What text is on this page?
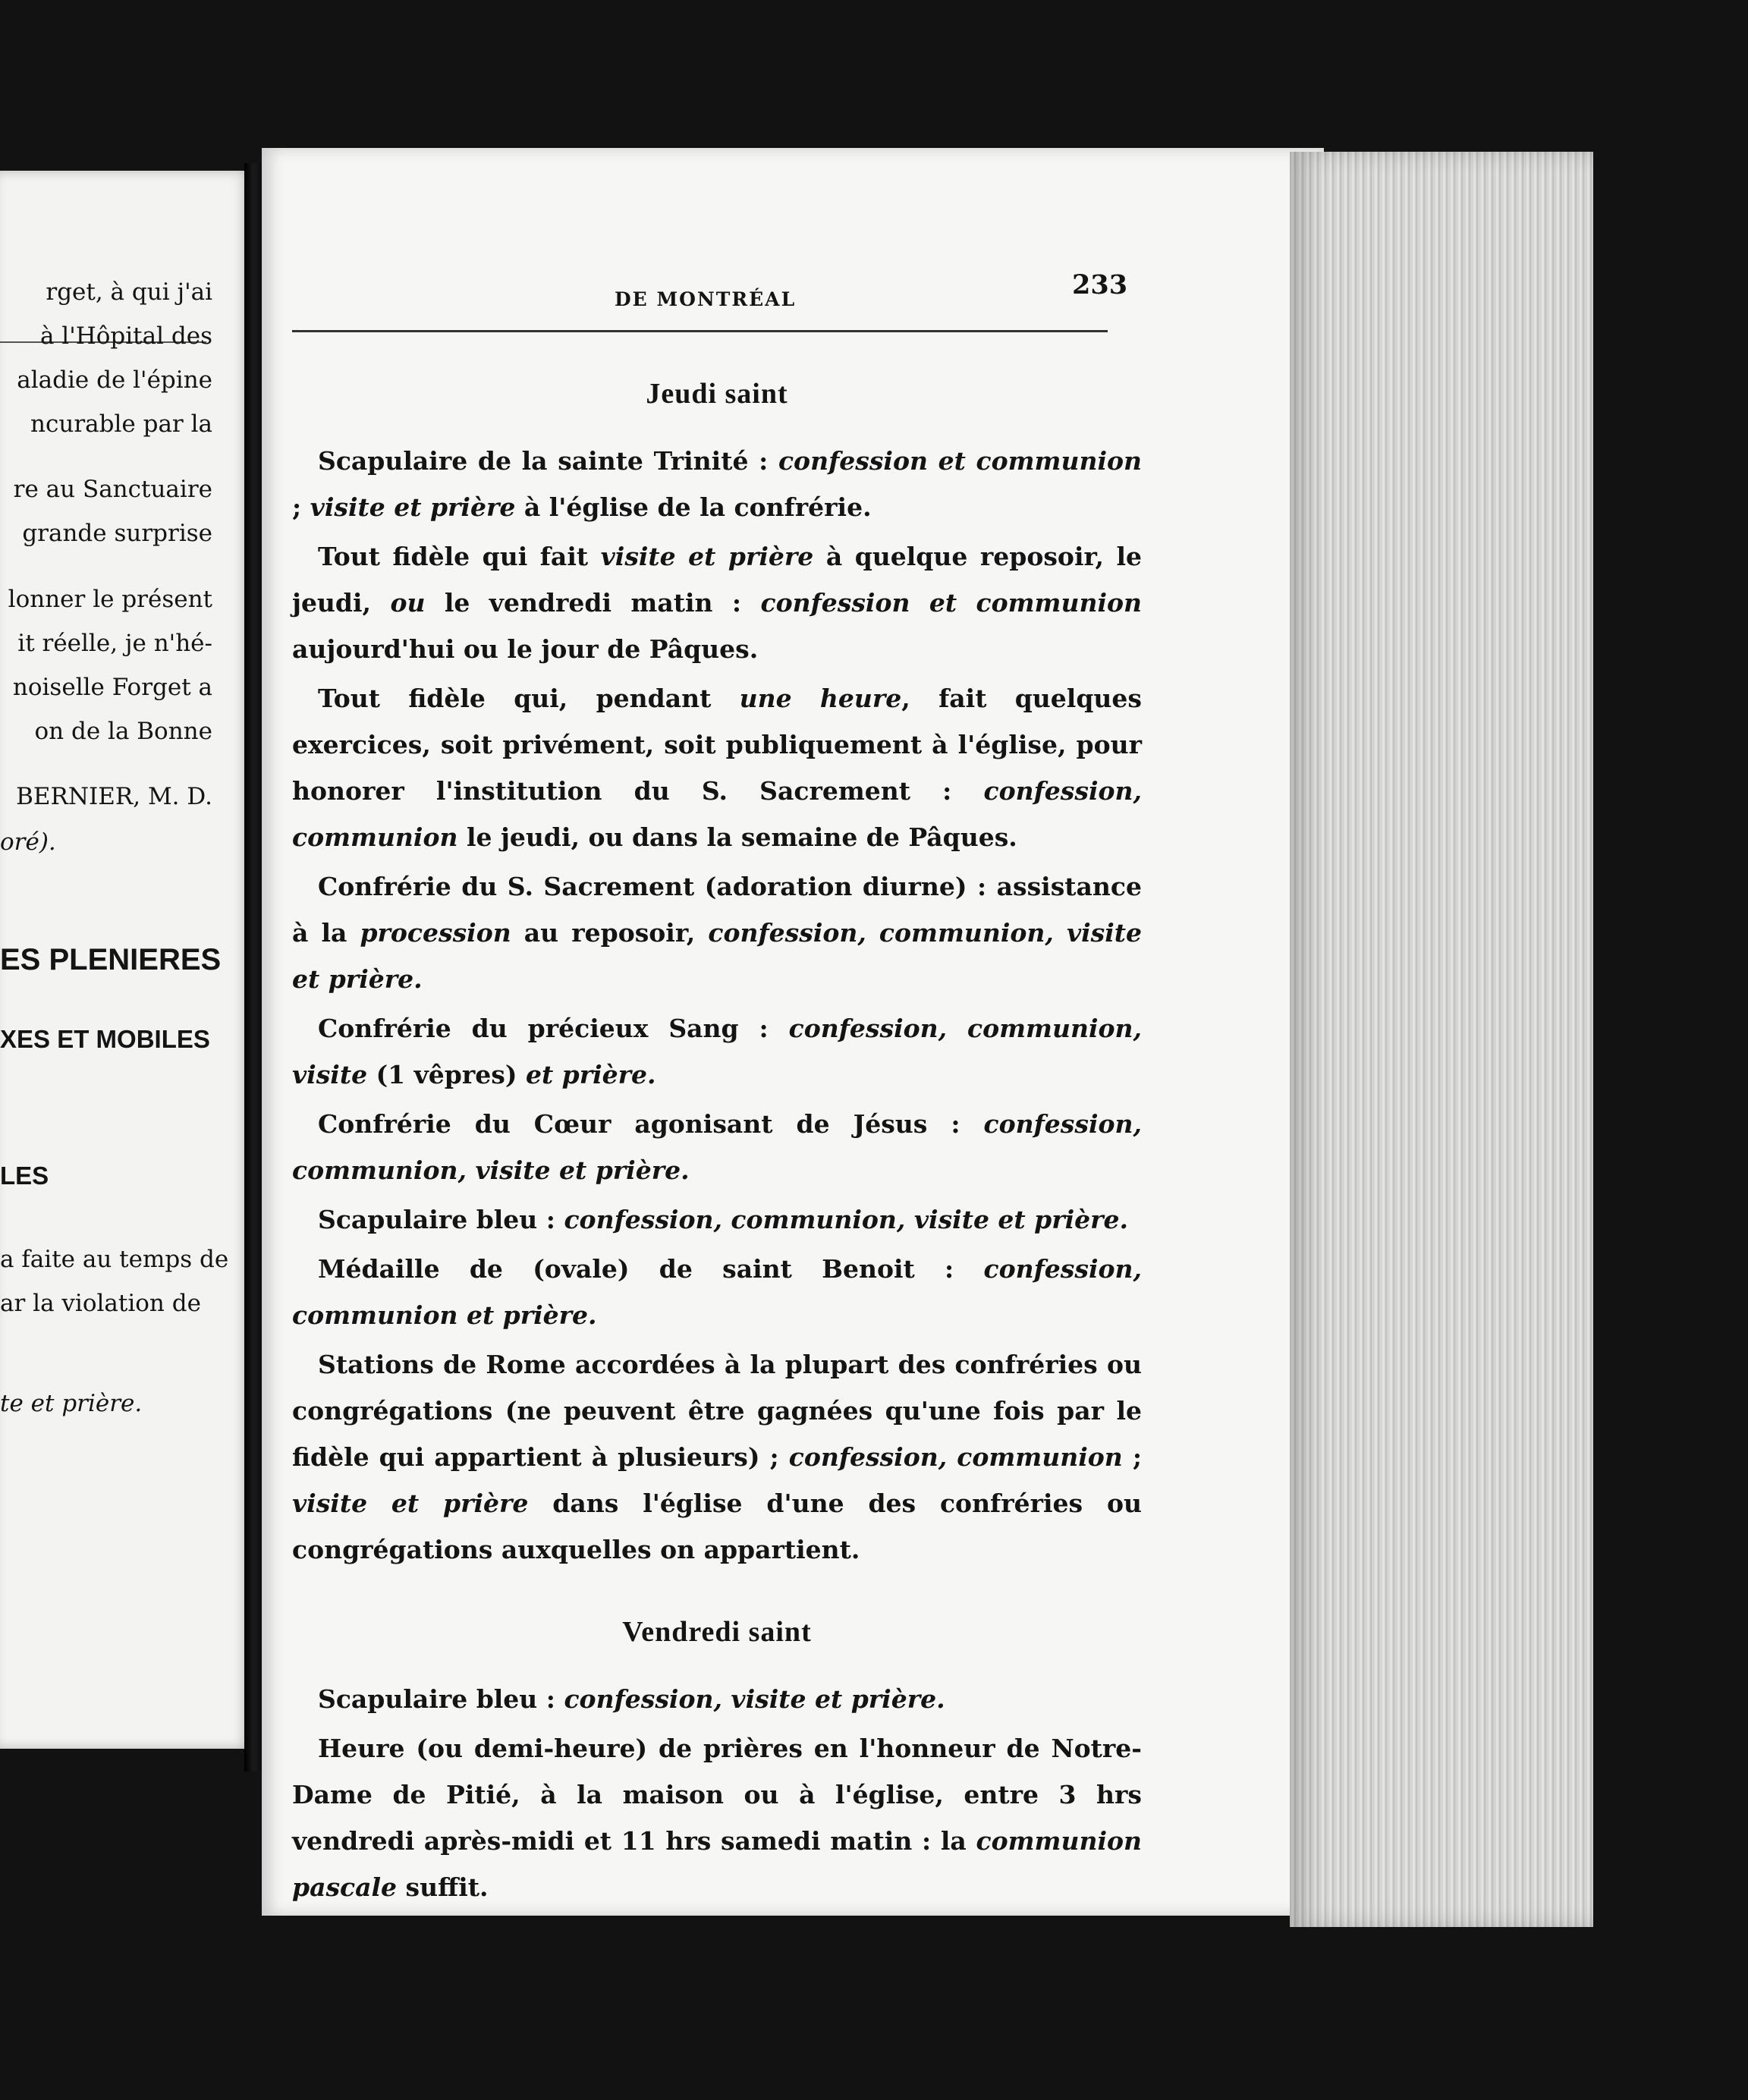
rget, à qui j'ai
à l'Hôpital des
aladie de l'épine
ncurable par la
re au Sanctuaire
grande surprise
lonner le présent
it réelle, je n'hé-
noiselle Forget a
on de la Bonne
BERNIER, M. D.
oré).
ES PLENIERES
XES ET MOBILES
LES
a faite au temps de
ar la violation de
te et prière.
DE MONTRÉAL	233
Jeudi saint
Scapulaire de la sainte Trinité : confession et communion ; visite et prière à l'église de la confrérie.
Tout fidèle qui fait visite et prière à quelque reposoir, le jeudi, ou le vendredi matin : confession et communion aujourd'hui ou le jour de Pâques.
Tout fidèle qui, pendant une heure, fait quelques exercices, soit privément, soit publiquement à l'église, pour honorer l'institution du S. Sacrement : confession, communion le jeudi, ou dans la semaine de Pâques.
Confrérie du S. Sacrement (adoration diurne) : assistance à la procession au reposoir, confession, communion, visite et prière.
Confrérie du précieux Sang : confession, communion, visite (1 vêpres) et prière.
Confrérie du Cœur agonisant de Jésus : confession, communion, visite et prière.
Scapulaire bleu : confession, communion, visite et prière.
Médaille de (ovale) de saint Benoit : confession, communion et prière.
Stations de Rome accordées à la plupart des confréries ou congrégations (ne peuvent être gagnées qu'une fois par le fidèle qui appartient à plusieurs) ; confession, communion ; visite et prière dans l'église d'une des confréries ou congrégations auxquelles on appartient.
Vendredi saint
Scapulaire bleu : confession, visite et prière.
Heure (ou demi-heure) de prières en l'honneur de Notre-Dame de Pitié, à la maison ou à l'église, entre 3 hrs vendredi après-midi et 11 hrs samedi matin : la communion pascale suffit.
